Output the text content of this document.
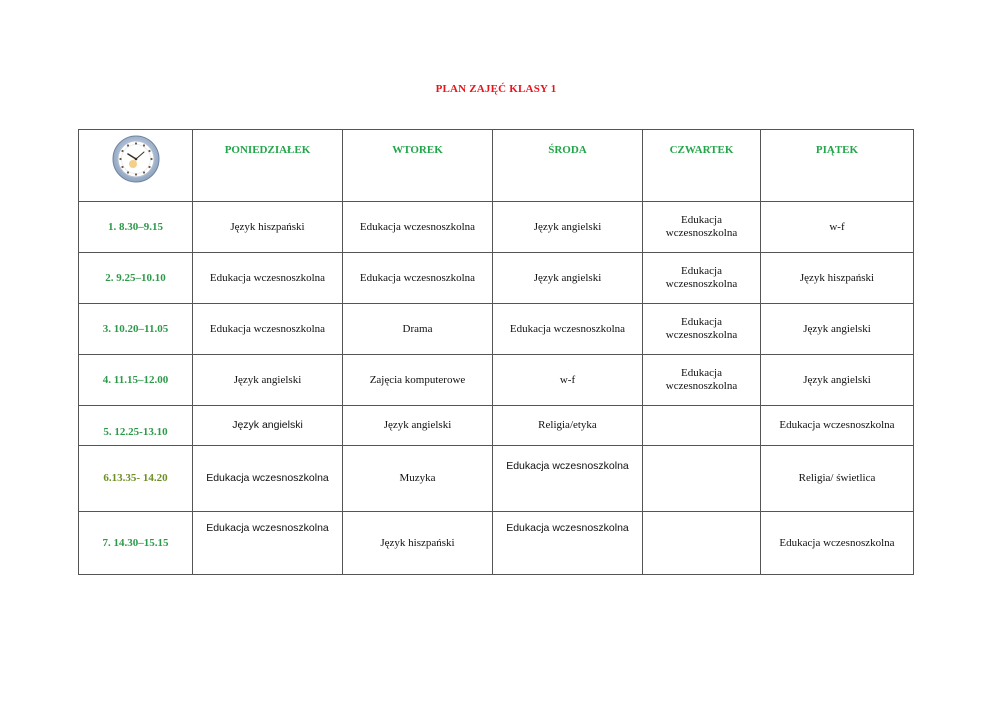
PLAN ZAJĘĆ KLASY 1
	PONIEDZIAŁEK	WTOREK	ŚRODA	CZWARTEK	PIĄTEK
1. 8.30–9.15	Język hiszpański	Edukacja wczesnoszkolna	Język angielski	Edukacja wczesnoszkolna	w-f
2. 9.25–10.10	Edukacja wczesnoszkolna	Edukacja wczesnoszkolna	Język angielski	Edukacja wczesnoszkolna	Język hiszpański
3. 10.20–11.05	Edukacja wczesnoszkolna	Drama	Edukacja wczesnoszkolna	Edukacja wczesnoszkolna	Język angielski
4. 11.15–12.00	Język angielski	Zajęcia komputerowe	w-f	Edukacja wczesnoszkolna	Język angielski
5. 12.25-13.10	Język angielski	Język angielski	Religia/etyka		Edukacja wczesnoszkolna
6.13.35- 14.20	Edukacja wczesnoszkolna	Muzyka	Edukacja wczesnoszkolna		Religia/ świetlica
7. 14.30–15.15	Edukacja wczesnoszkolna	Język hiszpański	Edukacja wczesnoszkolna		Edukacja wczesnoszkolna
